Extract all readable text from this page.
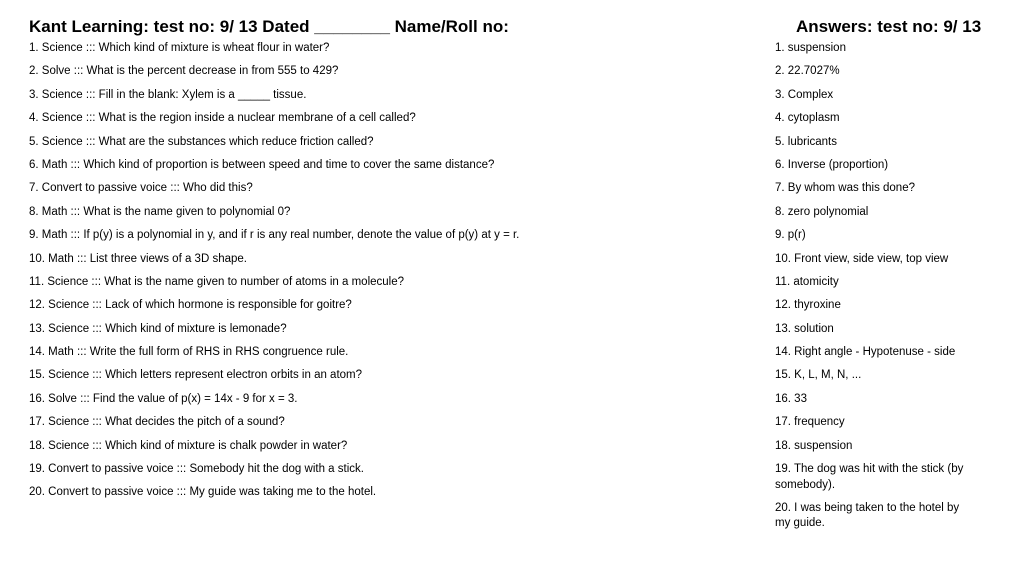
Kant Learning: test no: 9/ 13 Dated ________ Name/Roll no:
1. Science ::: Which kind of mixture is wheat flour in water?
2. Solve ::: What is the percent decrease in from 555 to 429?
3. Science ::: Fill in the blank: Xylem is a _____ tissue.
4. Science ::: What is the region inside a nuclear membrane of a cell called?
5. Science ::: What are the substances which reduce friction called?
6. Math ::: Which kind of proportion is between speed and time to cover the same distance?
7. Convert to passive voice ::: Who did this?
8. Math ::: What is the name given to polynomial 0?
9. Math ::: If p(y) is a polynomial in y, and if r is any real number, denote the value of p(y) at y = r.
10. Math ::: List three views of a 3D shape.
11. Science ::: What is the name given to number of atoms in a molecule?
12. Science ::: Lack of which hormone is responsible for goitre?
13. Science ::: Which kind of mixture is lemonade?
14. Math ::: Write the full form of RHS in RHS congruence rule.
15. Science ::: Which letters represent electron orbits in an atom?
16. Solve ::: Find the value of p(x) = 14x - 9 for x = 3.
17. Science ::: What decides the pitch of a sound?
18. Science ::: Which kind of mixture is chalk powder in water?
19. Convert to passive voice ::: Somebody hit the dog with a stick.
20. Convert to passive voice ::: My guide was taking me to the hotel.
Answers: test no: 9/ 13
1. suspension
2. 22.7027%
3. Complex
4. cytoplasm
5. lubricants
6. Inverse (proportion)
7. By whom was this done?
8. zero polynomial
9. p(r)
10. Front view, side view, top view
11. atomicity
12. thyroxine
13. solution
14. Right angle - Hypotenuse - side
15. K, L, M, N, ...
16. 33
17. frequency
18. suspension
19. The dog was hit with the stick (by somebody).
20. I was being taken to the hotel by my guide.
